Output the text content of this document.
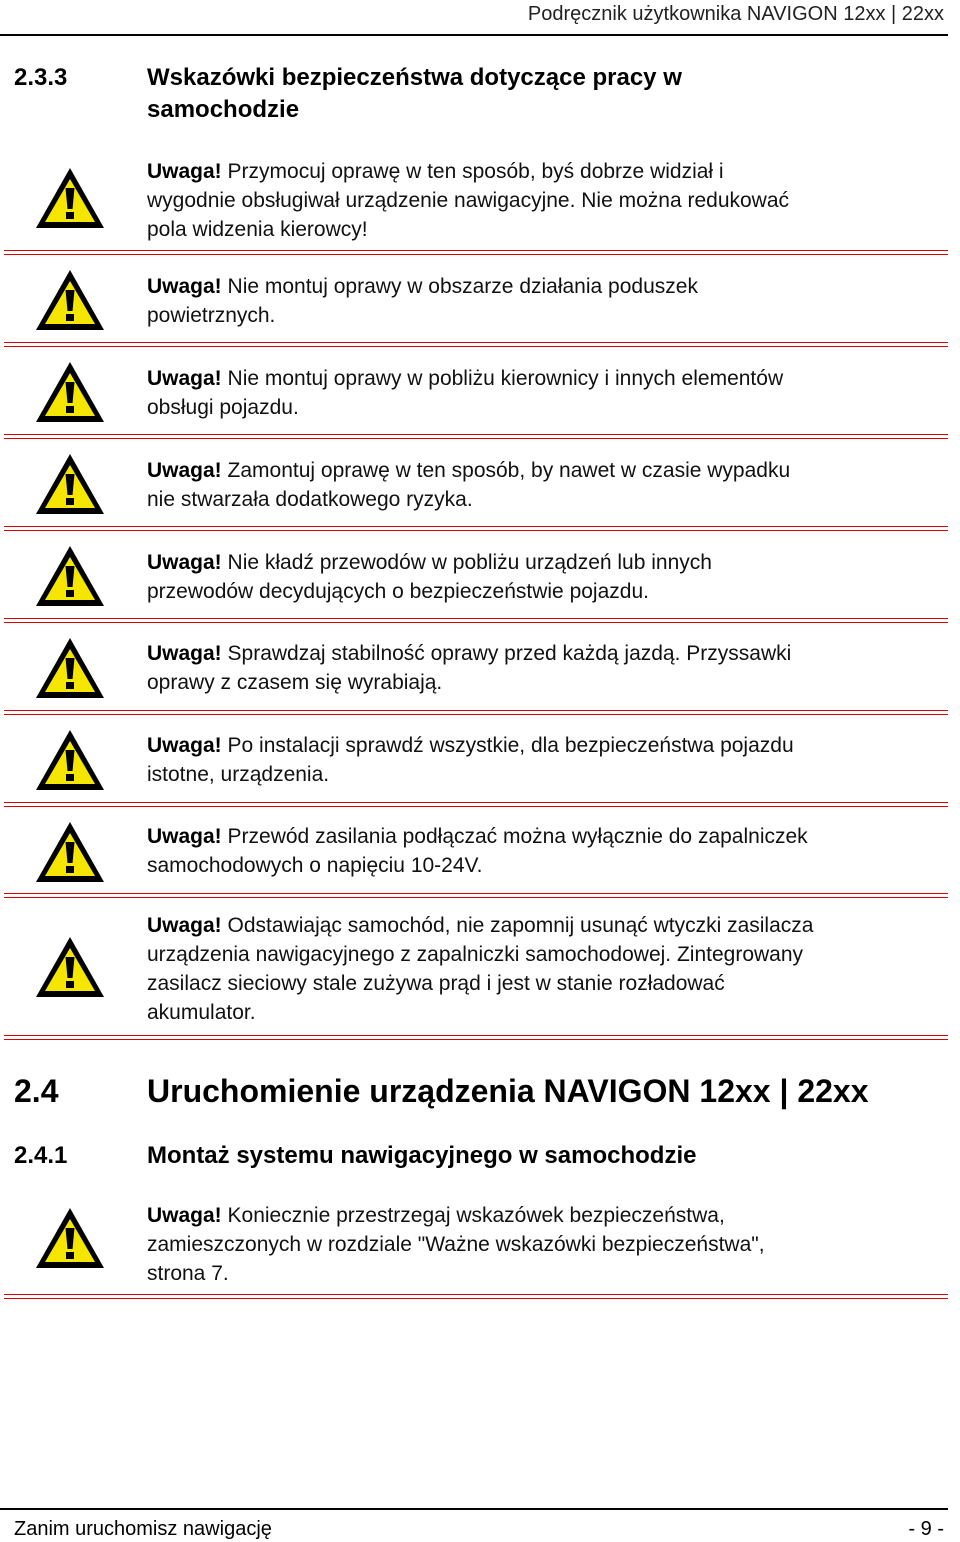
Podręcznik użytkownika NAVIGON 12xx | 22xx
2.3.3	Wskazówki bezpieczeństwa dotyczące pracy w
samochodzie
Uwaga! Przymocuj oprawę w ten sposób, byś dobrze widział i
wygodnie obsługiwał urządzenie nawigacyjne. Nie można redukować
pola widzenia kierowcy!
Uwaga! Nie montuj oprawy w obszarze działania poduszek
powietrznych.
Uwaga! Nie montuj oprawy w pobliżu kierownicy i innych elementów
obsługi pojazdu.
Uwaga! Zamontuj oprawę w ten sposób, by nawet w czasie wypadku
nie stwarzała dodatkowego ryzyka.
Uwaga! Nie kładź przewodów w pobliżu urządzeń lub innych
przewodów decydujących o bezpieczeństwie pojazdu.
Uwaga! Sprawdzaj stabilność oprawy przed każdą jazdą. Przyssawki
oprawy z czasem się wyrabiają.
Uwaga! Po instalacji sprawdź wszystkie, dla bezpieczeństwa pojazdu
istotne, urządzenia.
Uwaga! Przewód zasilania podłączać można wyłącznie do zapalniczek
samochodowych o napięciu 10-24V.
Uwaga! Odstawiając samochód, nie zapomnij usunąć wtyczki zasilacza
urządzenia nawigacyjnego z zapalniczki samochodowej. Zintegrowany
zasilacz sieciowy stale zużywa prąd i jest w stanie rozładować
akumulator.
Uwaga! Koniecznie przestrzegaj wskazówek bezpieczeństwa,
zamieszczonych w rozdziale "Ważne wskazówki bezpieczeństwa",
strona 7.
2.4	Uruchomienie urządzenia NAVIGON 12xx | 22xx
2.4.1	Montaż systemu nawigacyjnego w samochodzie
Zanim uruchomisz nawigację	- 9 -
